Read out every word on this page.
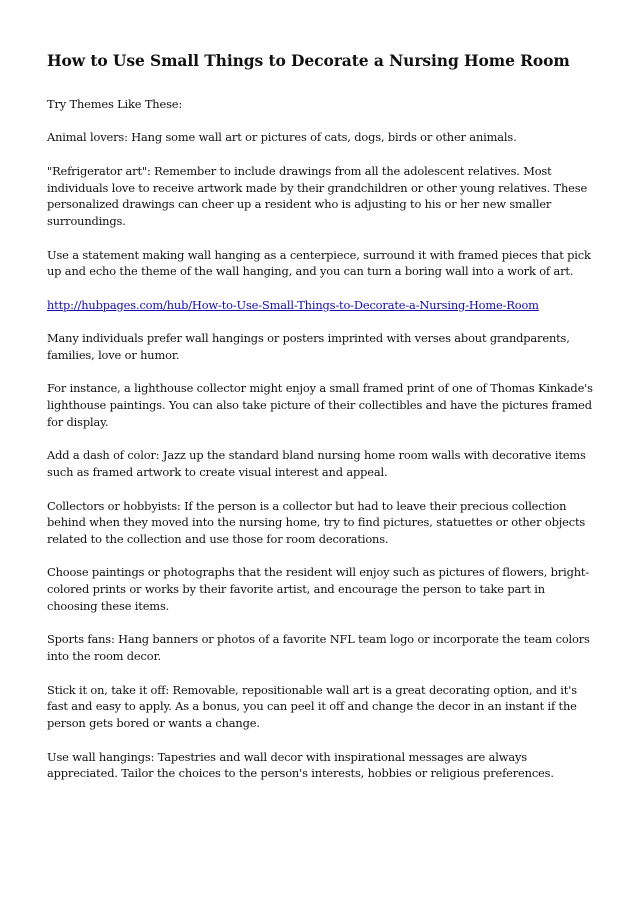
How to Use Small Things to Decorate a Nursing Home Room

Try Themes Like These:

Animal lovers: Hang some wall art or pictures of cats, dogs, birds or other animals.

"Refrigerator art": Remember to include drawings from all the adolescent relatives. Most individuals love to receive artwork made by their grandchildren or other young relatives. These personalized drawings can cheer up a resident who is adjusting to his or her new smaller surroundings.

Use a statement making wall hanging as a centerpiece, surround it with framed pieces that pick up and echo the theme of the wall hanging, and you can turn a boring wall into a work of art.

http://hubpages.com/hub/How-to-Use-Small-Things-to-Decorate-a-Nursing-Home-Room

Many individuals prefer wall hangings or posters imprinted with verses about grandparents, families, love or humor.

For instance, a lighthouse collector might enjoy a small framed print of one of Thomas Kinkade's lighthouse paintings. You can also take picture of their collectibles and have the pictures framed for display.

Add a dash of color: Jazz up the standard bland nursing home room walls with decorative items such as framed artwork to create visual interest and appeal.

Collectors or hobbyists: If the person is a collector but had to leave their precious collection behind when they moved into the nursing home, try to find pictures, statuettes or other objects related to the collection and use those for room decorations.

Choose paintings or photographs that the resident will enjoy such as pictures of flowers, bright-colored prints or works by their favorite artist, and encourage the person to take part in choosing these items.

Sports fans: Hang banners or photos of a favorite NFL team logo or incorporate the team colors into the room decor.

Stick it on, take it off: Removable, repositionable wall art is a great decorating option, and it's fast and easy to apply. As a bonus, you can peel it off and change the decor in an instant if the person gets bored or wants a change.

Use wall hangings: Tapestries and wall decor with inspirational messages are always appreciated. Tailor the choices to the person's interests, hobbies or religious preferences.
